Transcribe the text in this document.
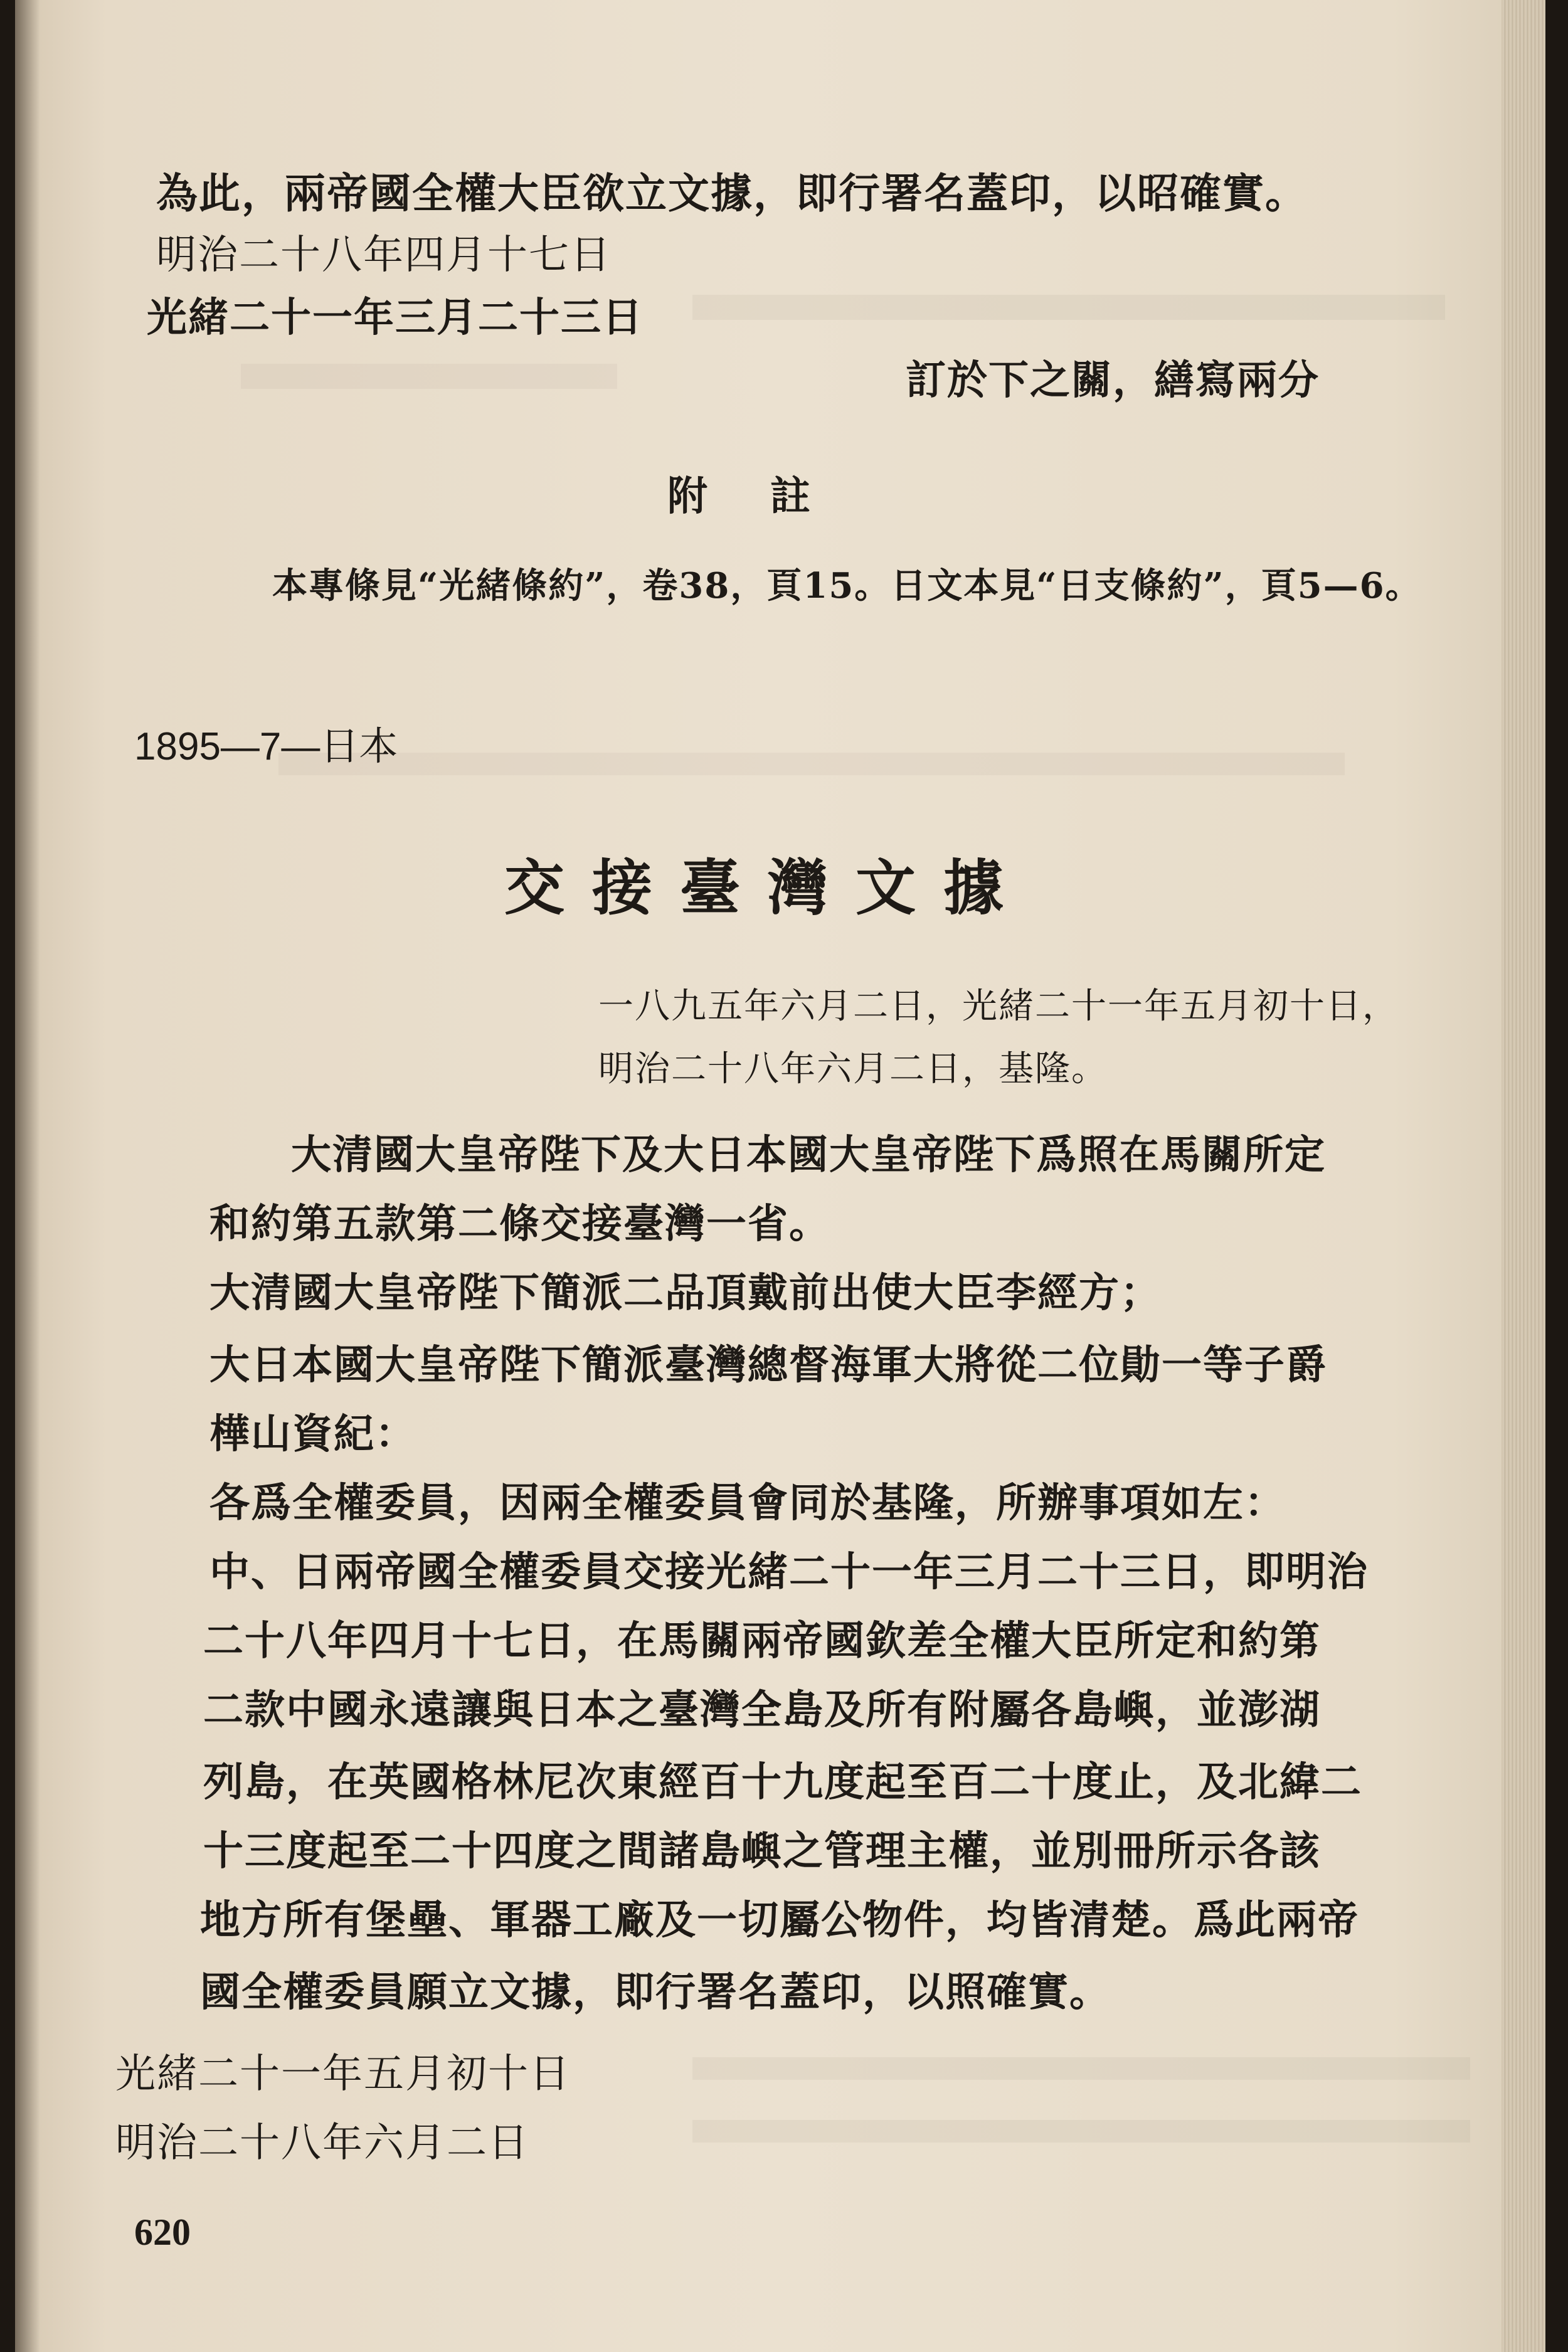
為此，兩帝國全權大臣欲立文據，即行署名蓋印，以昭確實。
明治二十八年四月十七日
光緒二十一年三月二十三日
訂於下之關，繕寫兩分
附註
本專條見“光緒條約”，卷38，頁15。日文本見“日支條約”，頁5—6。
1895—7—日本
交接臺灣文據
一八九五年六月二日，光緒二十一年五月初十日，
明治二十八年六月二日，基隆。
大清國大皇帝陛下及大日本國大皇帝陛下爲照在馬關所定
和約第五款第二條交接臺灣一省。
大清國大皇帝陛下簡派二品頂戴前出使大臣李經方；
大日本國大皇帝陛下簡派臺灣總督海軍大將從二位勛一等子爵
樺山資紀：
各爲全權委員，因兩全權委員會同於基隆，所辦事項如左：
中、日兩帝國全權委員交接光緒二十一年三月二十三日，即明治
二十八年四月十七日，在馬關兩帝國欽差全權大臣所定和約第
二款中國永遠讓與日本之臺灣全島及所有附屬各島嶼，並澎湖
列島，在英國格林尼次東經百十九度起至百二十度止，及北緯二
十三度起至二十四度之間諸島嶼之管理主權，並別冊所示各該
地方所有堡壘、軍器工廠及一切屬公物件，均皆清楚。爲此兩帝
國全權委員願立文據，即行署名蓋印，以照確實。
光緒二十一年五月初十日
明治二十八年六月二日
620
